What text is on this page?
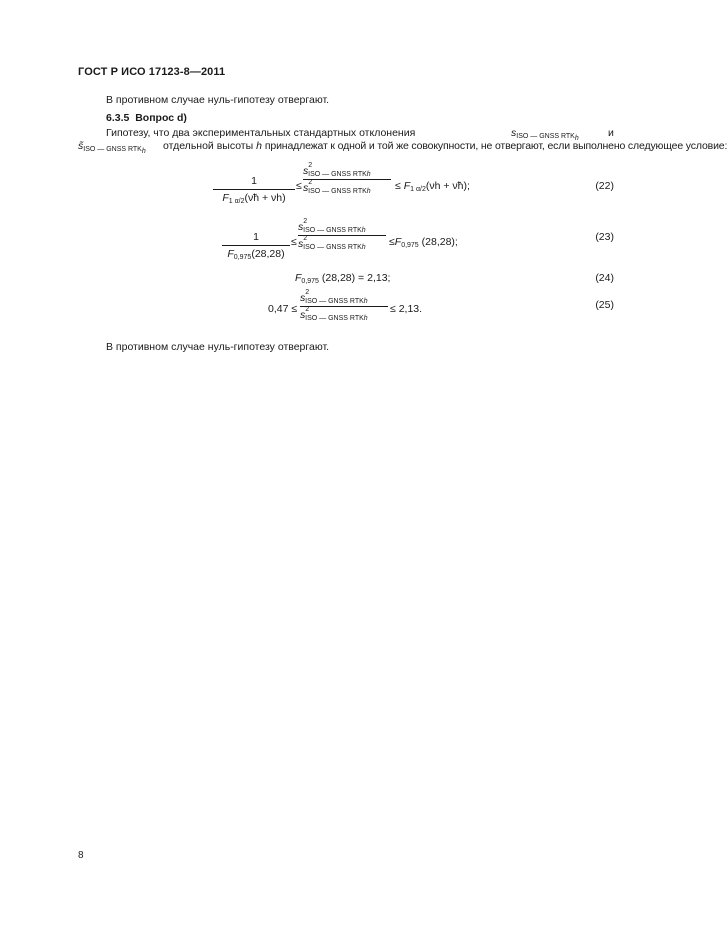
ГОСТ Р ИСО 17123-8—2011
В противном случае нуль-гипотезу отвергают.
6.3.5 Вопрос d)
Гипотезу, что два экспериментальных стандартных отклонения	sISO — GNSS RTKh	и
s̃ISO — GNSS RTKh отдельной высоты h принадлежат к одной и той же совокупности, не отвергают, если выполнено следующее условие:
1
F1 α/2(ν̃h + νh)
≤
$s^2ISO$ — GNSS RTKh
$s^2ISO$ — GNSS RTKh	≤ F1 α/2(νh + ν̃h);	(22)
1
F0,975(28,28)
≤
$s^2ISO$ — GNSS RTKh
$s^2ISO$ — GNSS RTKh	≤F0,975 (28,28);	(23)
F0,975 (28,28) = 2,13;	(24)
0,47 ≤
$s^2ISO$ — GNSS RTKh
$s^2ISO$ — GNSS RTKh
≤ 2,13.	(25)
В противном случае нуль-гипотезу отвергают.
8
